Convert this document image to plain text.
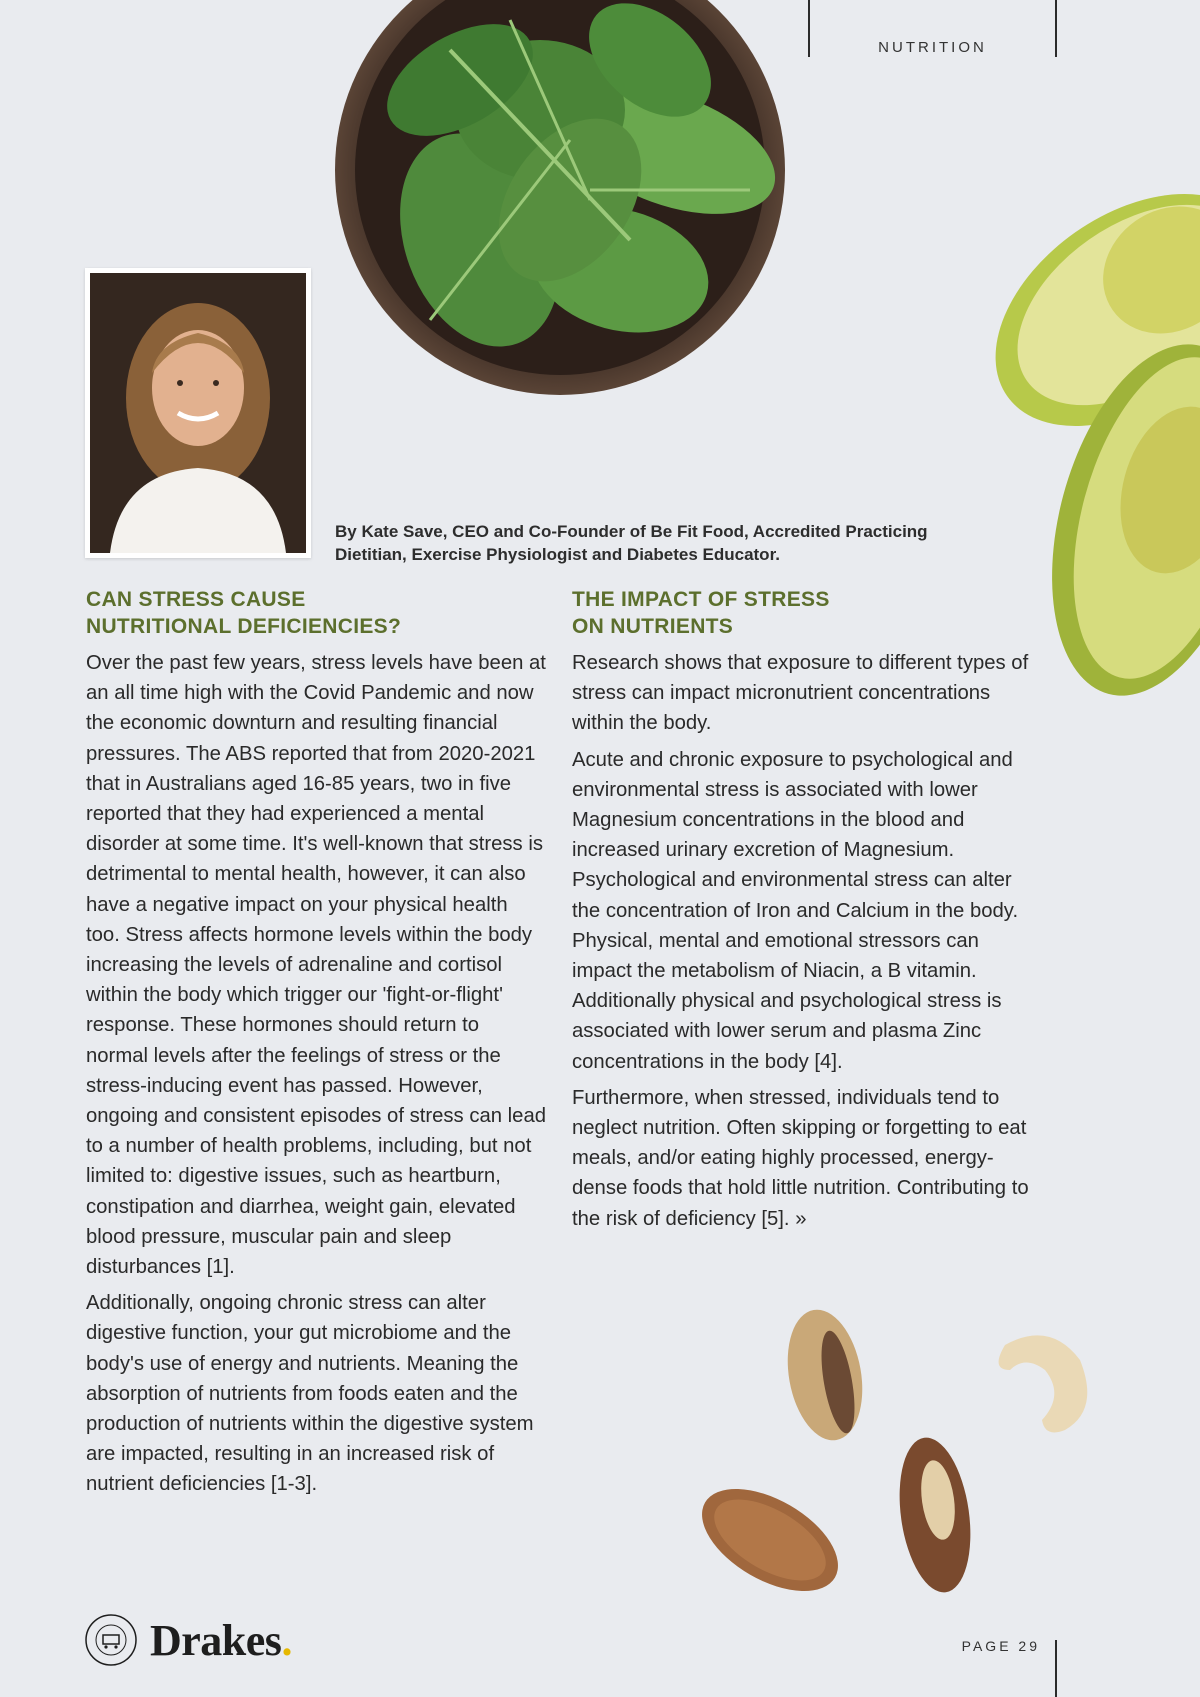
NUTRITION
By Kate Save, CEO and Co-Founder of Be Fit Food, Accredited Practicing Dietitian, Exercise Physiologist and Diabetes Educator.
CAN STRESS CAUSE
NUTRITIONAL DEFICIENCIES?

Over the past few years, stress levels have been at an all time high with the Covid Pandemic and now the economic downturn and resulting financial pressures. The ABS reported that from 2020-2021 that in Australians aged 16-85 years, two in five reported that they had experienced a mental disorder at some time. It's well-known that stress is detrimental to mental health, however, it can also have a negative impact on your physical health too. Stress affects hormone levels within the body increasing the levels of adrenaline and cortisol within the body which trigger our 'fight-or-flight' response. These hormones should return to normal levels after the feelings of stress or the stress-inducing event has passed. However, ongoing and consistent episodes of stress can lead to a number of health problems, including, but not limited to: digestive issues, such as heartburn, constipation and diarrhea, weight gain, elevated blood pressure, muscular pain and sleep disturbances [1].

Additionally, ongoing chronic stress can alter digestive function, your gut microbiome and the body's use of energy and nutrients. Meaning the absorption of nutrients from foods eaten and the production of nutrients within the digestive system are impacted, resulting in an increased risk of nutrient deficiencies [1-3].

THE IMPACT OF STRESS
ON NUTRIENTS

Research shows that exposure to different types of stress can impact micronutrient concentrations within the body.

Acute and chronic exposure to psychological and environmental stress is associated with lower Magnesium concentrations in the blood and increased urinary excretion of Magnesium. Psychological and environmental stress can alter the concentration of Iron and Calcium in the body. Physical, mental and emotional stressors can impact the metabolism of Niacin, a B vitamin. Additionally physical and psychological stress is associated with lower serum and plasma Zinc concentrations in the body [4].

Furthermore, when stressed, individuals tend to neglect nutrition. Often skipping or forgetting to eat meals, and/or eating highly processed, energy-dense foods that hold little nutrition. Contributing to the risk of deficiency [5]. »

Drakes.	PAGE 29
